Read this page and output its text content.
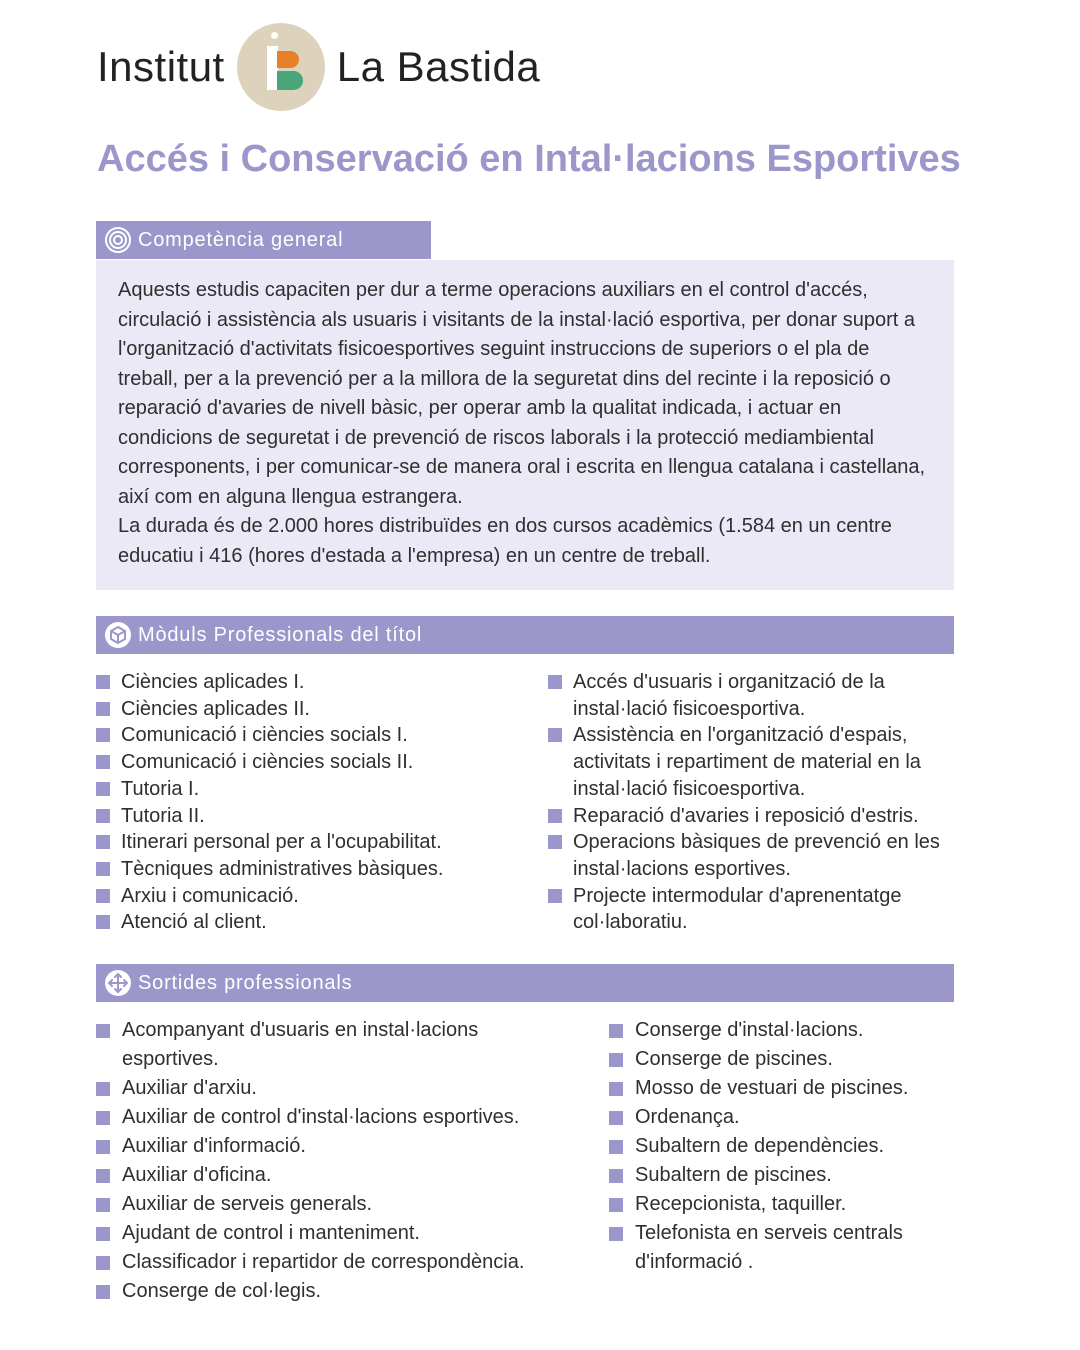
Institut	La Bastida
Accés i Conservació en Intal·lacions Esportives
Competència general

Aquests estudis capaciten per dur a terme operacions auxiliars en el control d'accés, circulació i assistència als usuaris i visitants de la instal·lació esportiva, per donar suport a l'organització d'activitats fisicoesportives seguint instruccions de superiors o el pla de treball, per a la prevenció per a la millora de la seguretat dins del recinte i la reposició o reparació d'avaries de nivell bàsic, per operar amb la qualitat indicada, i actuar en condicions de seguretat i de prevenció de riscos laborals i la protecció mediambiental corresponents, i per comunicar-se de manera oral i escrita en llengua catalana i castellana, així com en alguna llengua estrangera.

La durada és de 2.000 hores distribuïdes en dos cursos acadèmics (1.584 en un centre educatiu i 416 (hores d'estada a l'empresa) en un centre de treball.

Mòduls Professionals del títol
Ciències aplicades I.
Ciències aplicades II.
Comunicació i ciències socials I.
Comunicació i ciències socials II.
Tutoria I.
Tutoria II.
Itinerari personal per a l'ocupabilitat.
Tècniques administratives bàsiques.
Arxiu i comunicació.
Atenció al client.
Accés d'usuaris i organització de la instal·lació fisicoesportiva.
Assistència en l'organització d'espais, activitats i repartiment de material en la instal·lació fisicoesportiva.
Reparació d'avaries i reposició d'estris.
Operacions bàsiques de prevenció en les instal·lacions esportives.
Projecte intermodular d'aprenentatge col·laboratiu.
Sortides professionals
Acompanyant d'usuaris en instal·lacions esportives.
Auxiliar d'arxiu.
Auxiliar de control d'instal·lacions esportives.
Auxiliar d'informació.
Auxiliar d'oficina.
Auxiliar de serveis generals.
Ajudant de control i manteniment.
Classificador i repartidor de correspondència.
Conserge de col·legis.
Conserge d'instal·lacions.
Conserge de piscines.
Mosso de vestuari de piscines.
Ordenança.
Subaltern de dependències.
Subaltern de piscines.
Recepcionista, taquiller.
Telefonista en serveis centrals d'informació .
